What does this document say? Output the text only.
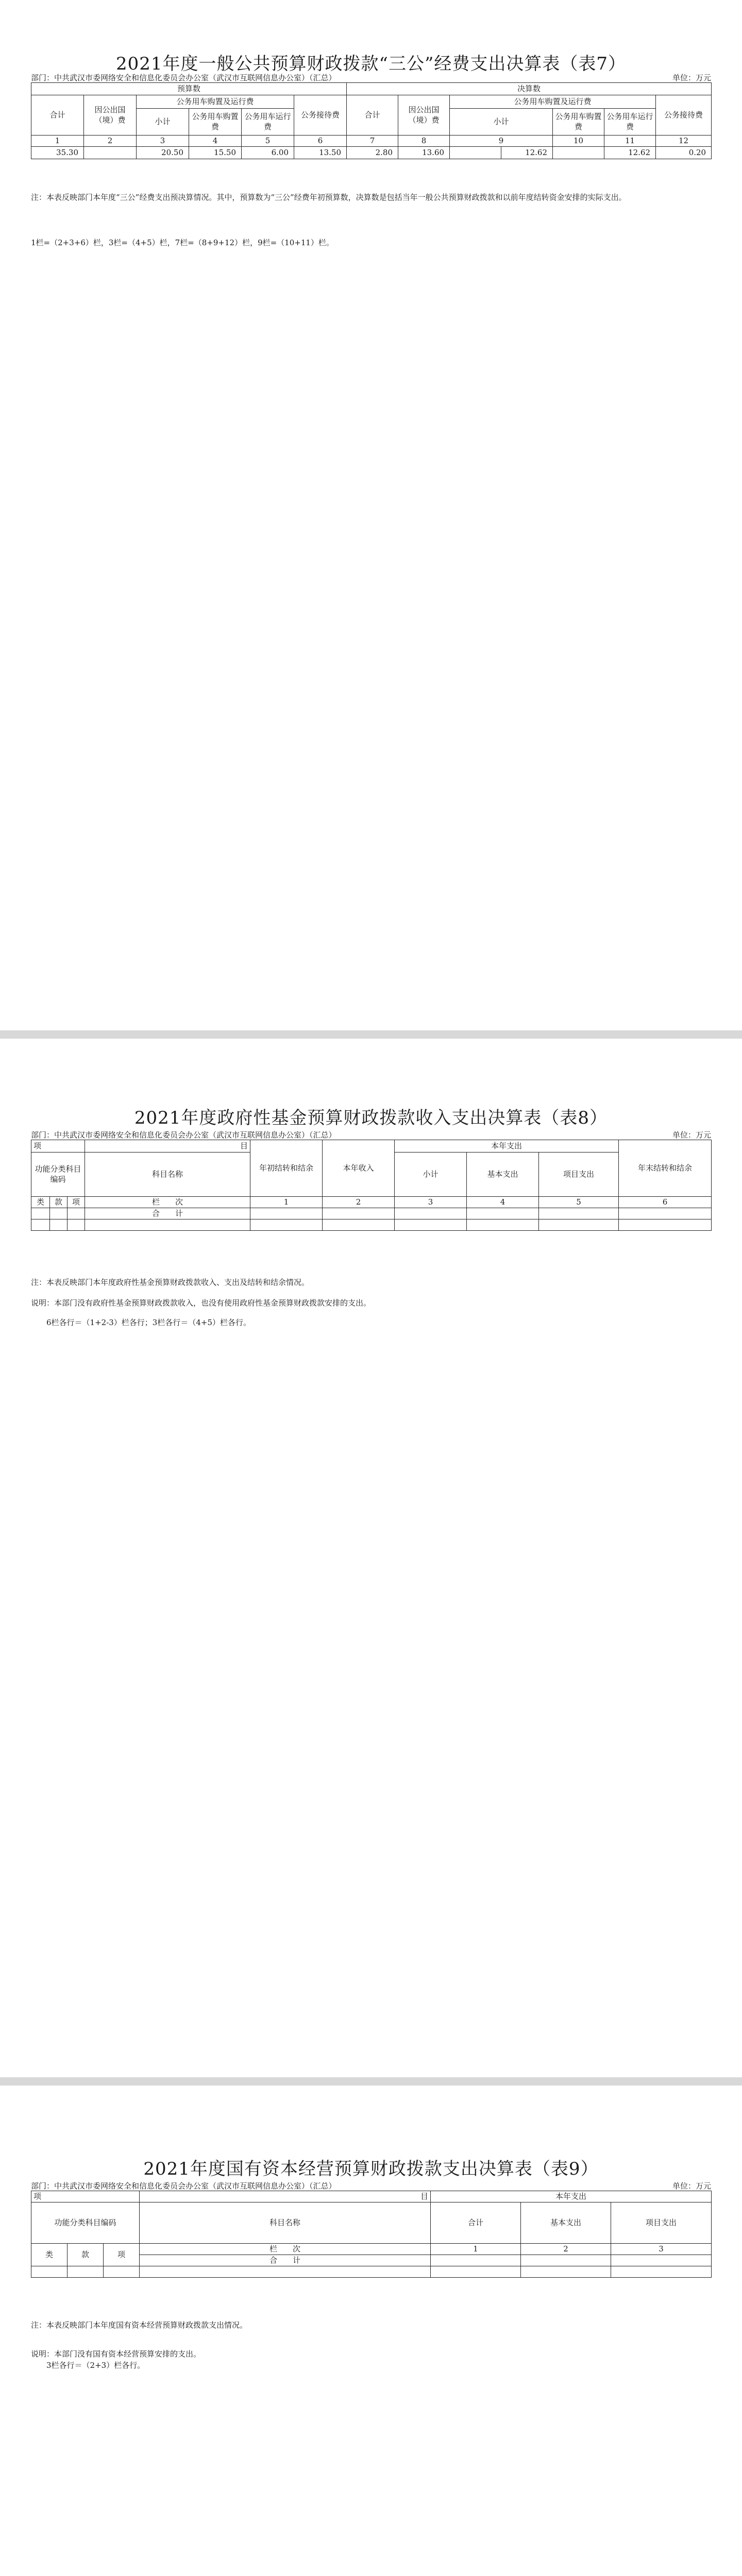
2021年度一般公共预算财政拨款“三公”经费支出决算表（表7）
部门：中共武汉市委网络安全和信息化委员会办公室（武汉市互联网信息办公室）（汇总）	单位：万元
预算数						决算数						
合计	因公出国（境）费	公务用车购置及运行费			公务接待费	合计	因公出国（境）费	公务用车购置及运行费				公务接待费
		小计	公务用车购置费	公务用车运行费				小计		公务用车购置费	公务用车运行费	
1	2	3	4	5	6	7	8	9		10	11	12
35.30		20.50	15.50	6.00	13.50	2.80	13.60		12.62		12.62	0.20

注：本表反映部门本年度“三公”经费支出预决算情况。其中，预算数为“三公”经费年初预算数，决算数是包括当年一般公共预算财政拨款和以前年度结转资金安排的实际支出。

1栏=（2+3+6）栏，3栏=（4+5）栏，7栏=（8+9+12）栏，9栏=（10+11）栏。

2021年度政府性基金预算财政拨款收入支出决算表（表8）
部门：中共武汉市委网络安全和信息化委员会办公室（武汉市互联网信息办公室）（汇总）	单位：万元
项			目	年初结转和结余	本年收入	本年支出			年末结转和结余
功能分类科目编码			科目名称			小计	基本支出	项目支出	
类	款	项		1	2	3	4	5	6
			栏　　次						
			合　　计						

注：本表反映部门本年度政府性基金预算财政拨款收入、支出及结转和结余情况。

　　6栏各行＝（1+2-3）栏各行；3栏各行＝（4+5）栏各行。

说明：本部门没有政府性基金预算财政拨款收入，也没有使用政府性基金预算财政拨款安排的支出。
2021年度国有资本经营预算财政拨款支出决算表（表9）
部门：中共武汉市委网络安全和信息化委员会办公室（武汉市互联网信息办公室）（汇总）	单位：万元
项			目	本年支出		
功能分类科目编码			科目名称	合计	基本支出	项目支出
类	款	项		1	2	3
			栏　　次			
			合　　计			

注：本表反映部门本年度国有资本经营预算财政拨款支出情况。

　　3栏各行＝（2+3）栏各行。

说明：本部门没有国有资本经营预算安排的支出。
